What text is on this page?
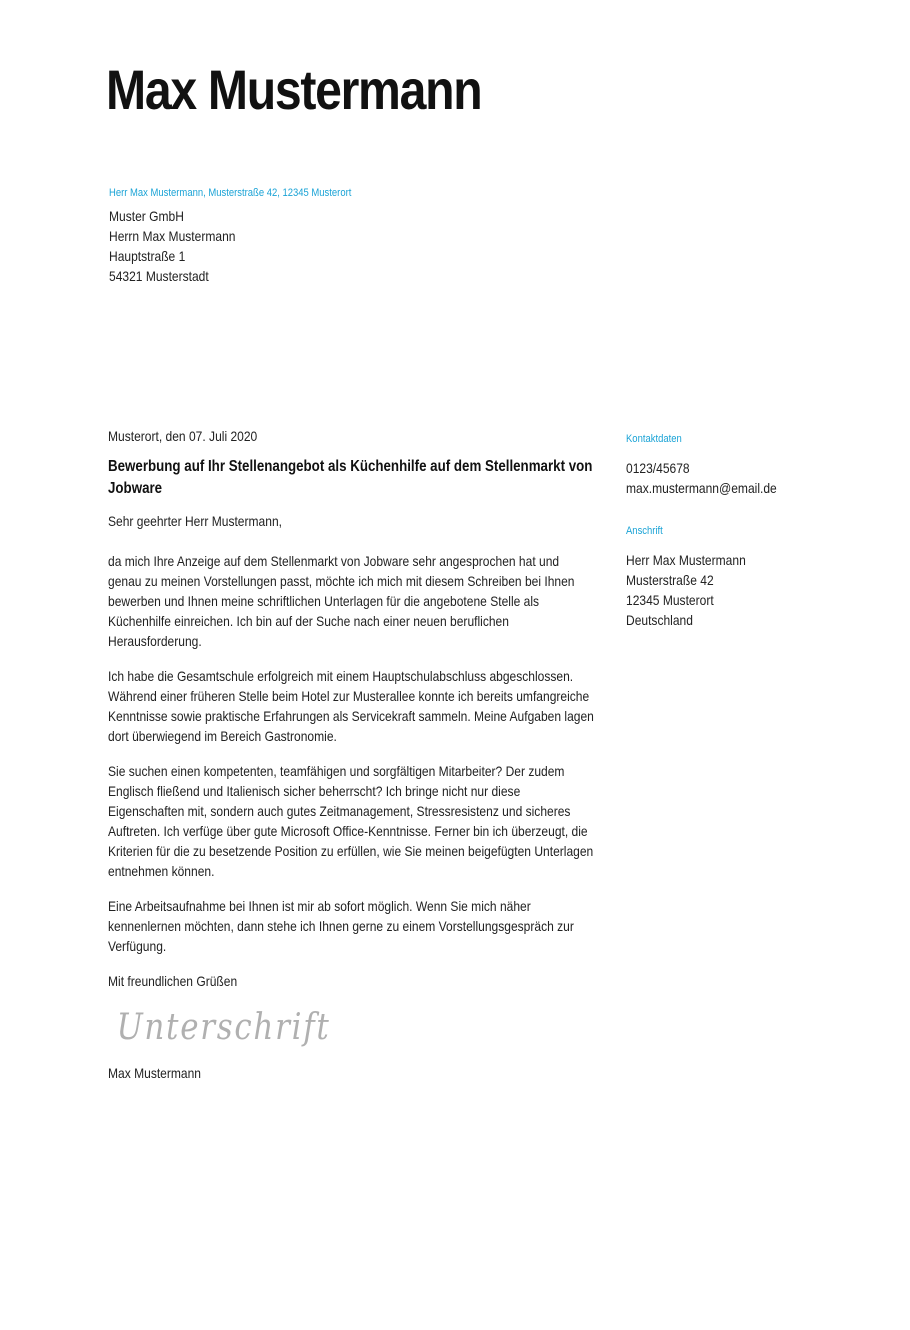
Max Mustermann
Herr Max Mustermann, Musterstraße 42, 12345 Musterort
Muster GmbH
Herrn Max Mustermann
Hauptstraße 1
54321 Musterstadt

Musterort, den 07. Juli 2020

Bewerbung auf Ihr Stellenangebot als Küchenhilfe auf dem Stellenmarkt von Jobware

Sehr geehrter Herr Mustermann,

da mich Ihre Anzeige auf dem Stellenmarkt von Jobware sehr angesprochen hat und genau zu meinen Vorstellungen passt, möchte ich mich mit diesem Schreiben bei Ihnen bewerben und Ihnen meine schriftlichen Unterlagen für die angebotene Stelle als Küchenhilfe einreichen. Ich bin auf der Suche nach einer neuen beruflichen Herausforderung.

Ich habe die Gesamtschule erfolgreich mit einem Hauptschulabschluss abgeschlossen. Während einer früheren Stelle beim Hotel zur Musterallee konnte ich bereits umfangreiche Kenntnisse sowie praktische Erfahrungen als Servicekraft sammeln. Meine Aufgaben lagen dort überwiegend im Bereich Gastronomie.

Sie suchen einen kompetenten, teamfähigen und sorgfältigen Mitarbeiter? Der zudem Englisch fließend und Italienisch sicher beherrscht? Ich bringe nicht nur diese Eigenschaften mit, sondern auch gutes Zeitmanagement, Stressresistenz und sicheres Auftreten. Ich verfüge über gute Microsoft Office-Kenntnisse. Ferner bin ich überzeugt, die Kriterien für die zu besetzende Position zu erfüllen, wie Sie meinen beigefügten Unterlagen entnehmen können.

Eine Arbeitsaufnahme bei Ihnen ist mir ab sofort möglich. Wenn Sie mich näher kennenlernen möchten, dann stehe ich Ihnen gerne zu einem Vorstellungsgespräch zur Verfügung.

Mit freundlichen Grüßen

Unterschrift

Max Mustermann

Kontaktdaten
0123/45678
max.mustermann@email.de
Anschrift
Herr Max Mustermann
Musterstraße 42
12345 Musterort
Deutschland
